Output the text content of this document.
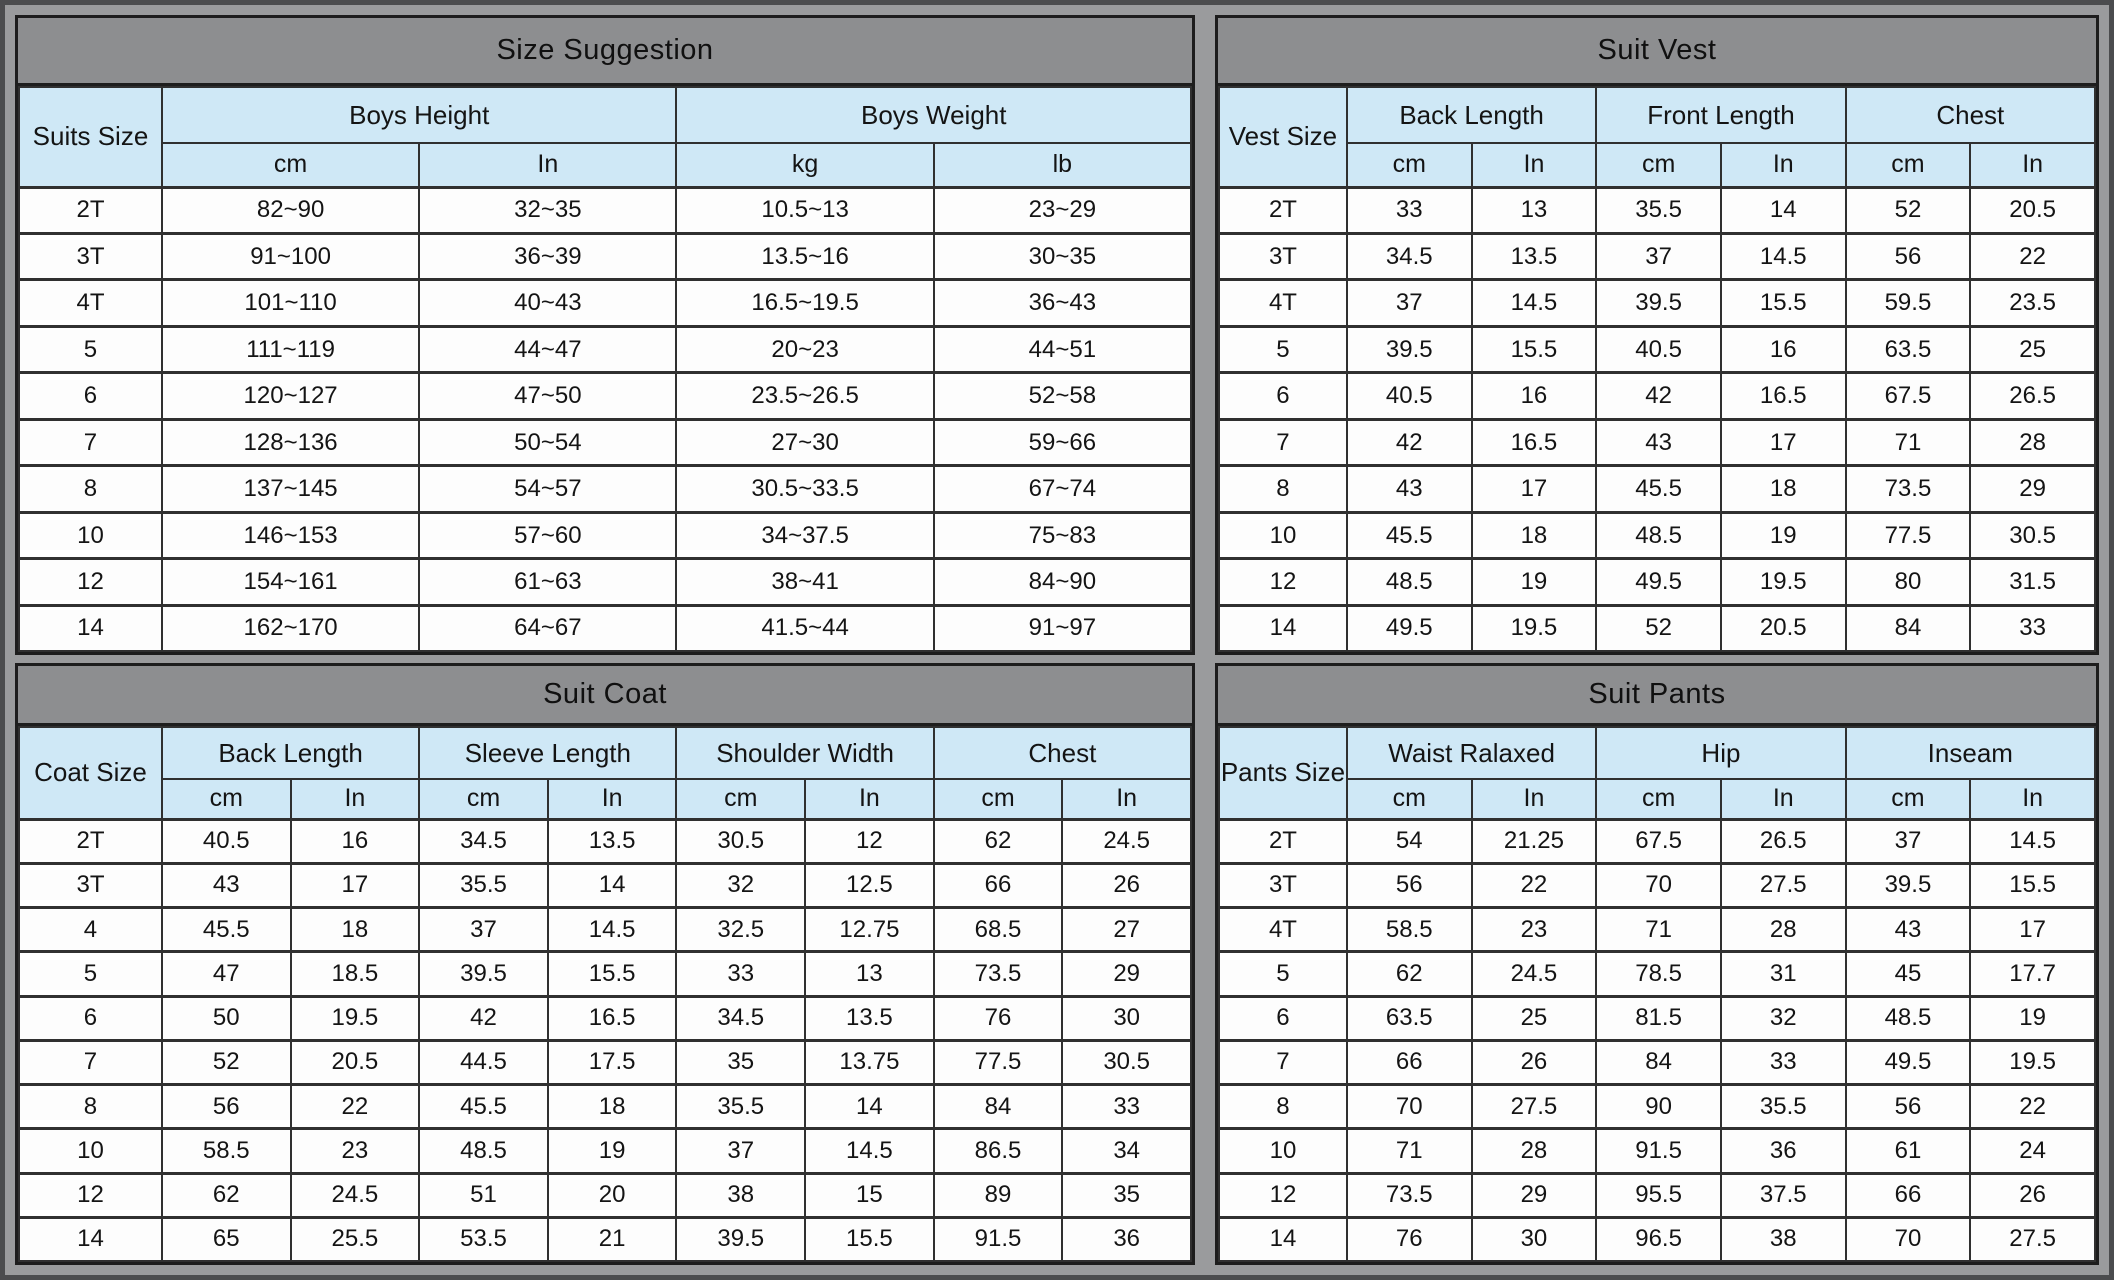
Size Suggestion
Suits Size	Boys Height		Boys Weight	
	cm	In	kg	lb
2T	82~90	32~35	10.5~13	23~29
3T	91~100	36~39	13.5~16	30~35
4T	101~110	40~43	16.5~19.5	36~43
5	111~119	44~47	20~23	44~51
6	120~127	47~50	23.5~26.5	52~58
7	128~136	50~54	27~30	59~66
8	137~145	54~57	30.5~33.5	67~74
10	146~153	57~60	34~37.5	75~83
12	154~161	61~63	38~41	84~90
14	162~170	64~67	41.5~44	91~97
Suit Vest
Vest Size	Back Length		Front Length		Chest	
	cm	In	cm	In	cm	In
2T	33	13	35.5	14	52	20.5
3T	34.5	13.5	37	14.5	56	22
4T	37	14.5	39.5	15.5	59.5	23.5
5	39.5	15.5	40.5	16	63.5	25
6	40.5	16	42	16.5	67.5	26.5
7	42	16.5	43	17	71	28
8	43	17	45.5	18	73.5	29
10	45.5	18	48.5	19	77.5	30.5
12	48.5	19	49.5	19.5	80	31.5
14	49.5	19.5	52	20.5	84	33
Suit Coat
Coat Size	Back Length		Sleeve Length		Shoulder Width		Chest	
	cm	In	cm	In	cm	In	cm	In
2T	40.5	16	34.5	13.5	30.5	12	62	24.5
3T	43	17	35.5	14	32	12.5	66	26
4	45.5	18	37	14.5	32.5	12.75	68.5	27
5	47	18.5	39.5	15.5	33	13	73.5	29
6	50	19.5	42	16.5	34.5	13.5	76	30
7	52	20.5	44.5	17.5	35	13.75	77.5	30.5
8	56	22	45.5	18	35.5	14	84	33
10	58.5	23	48.5	19	37	14.5	86.5	34
12	62	24.5	51	20	38	15	89	35
14	65	25.5	53.5	21	39.5	15.5	91.5	36
Suit Pants
Pants Size	Waist Ralaxed		Hip		Inseam	
	cm	In	cm	In	cm	In
2T	54	21.25	67.5	26.5	37	14.5
3T	56	22	70	27.5	39.5	15.5
4T	58.5	23	71	28	43	17
5	62	24.5	78.5	31	45	17.7
6	63.5	25	81.5	32	48.5	19
7	66	26	84	33	49.5	19.5
8	70	27.5	90	35.5	56	22
10	71	28	91.5	36	61	24
12	73.5	29	95.5	37.5	66	26
14	76	30	96.5	38	70	27.5
